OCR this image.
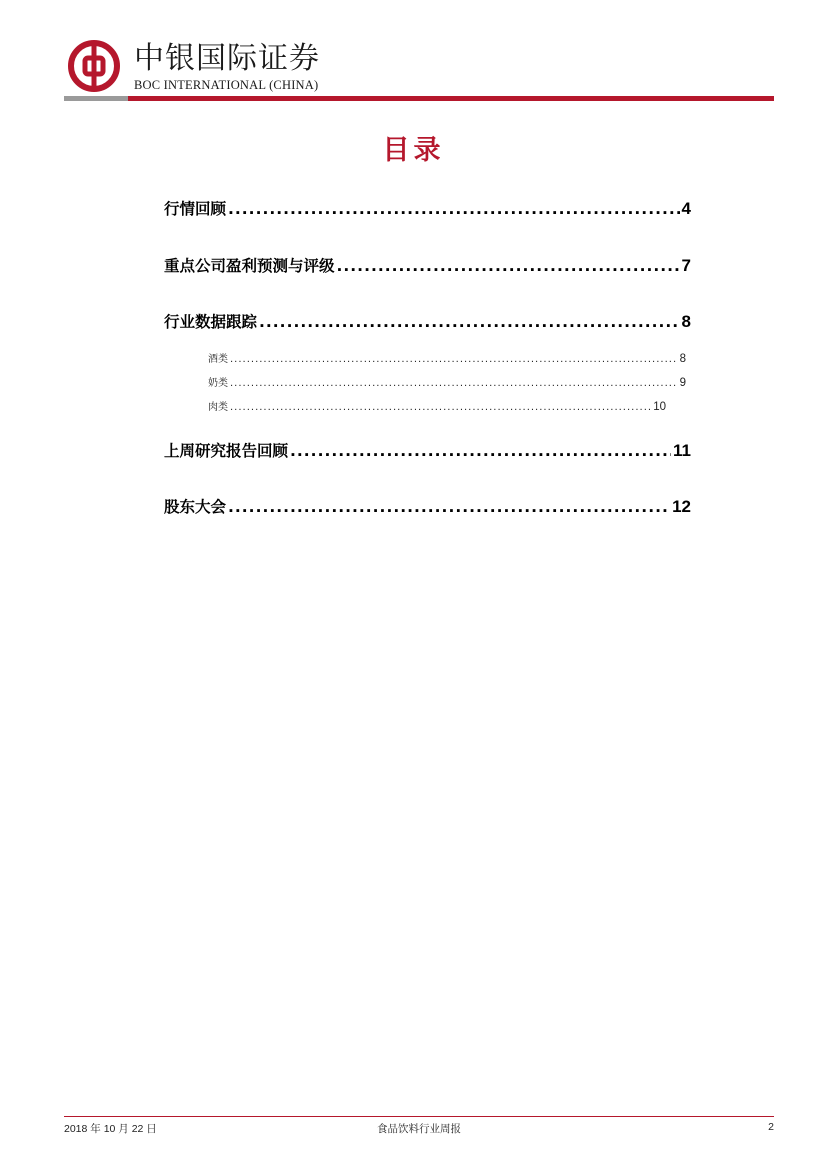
中银国际证券
BOC INTERNATIONAL (CHINA)
目录
行情回顾 .....	4
重点公司盈利预测与评级 .....	7
行业数据跟踪 .....	8
酒类 .....	8
奶类 .....	9
肉类 .....	10
上周研究报告回顾 .....	11
股东大会 .....	12
2018 年 10 月 22 日	食品饮料行业周报	2
